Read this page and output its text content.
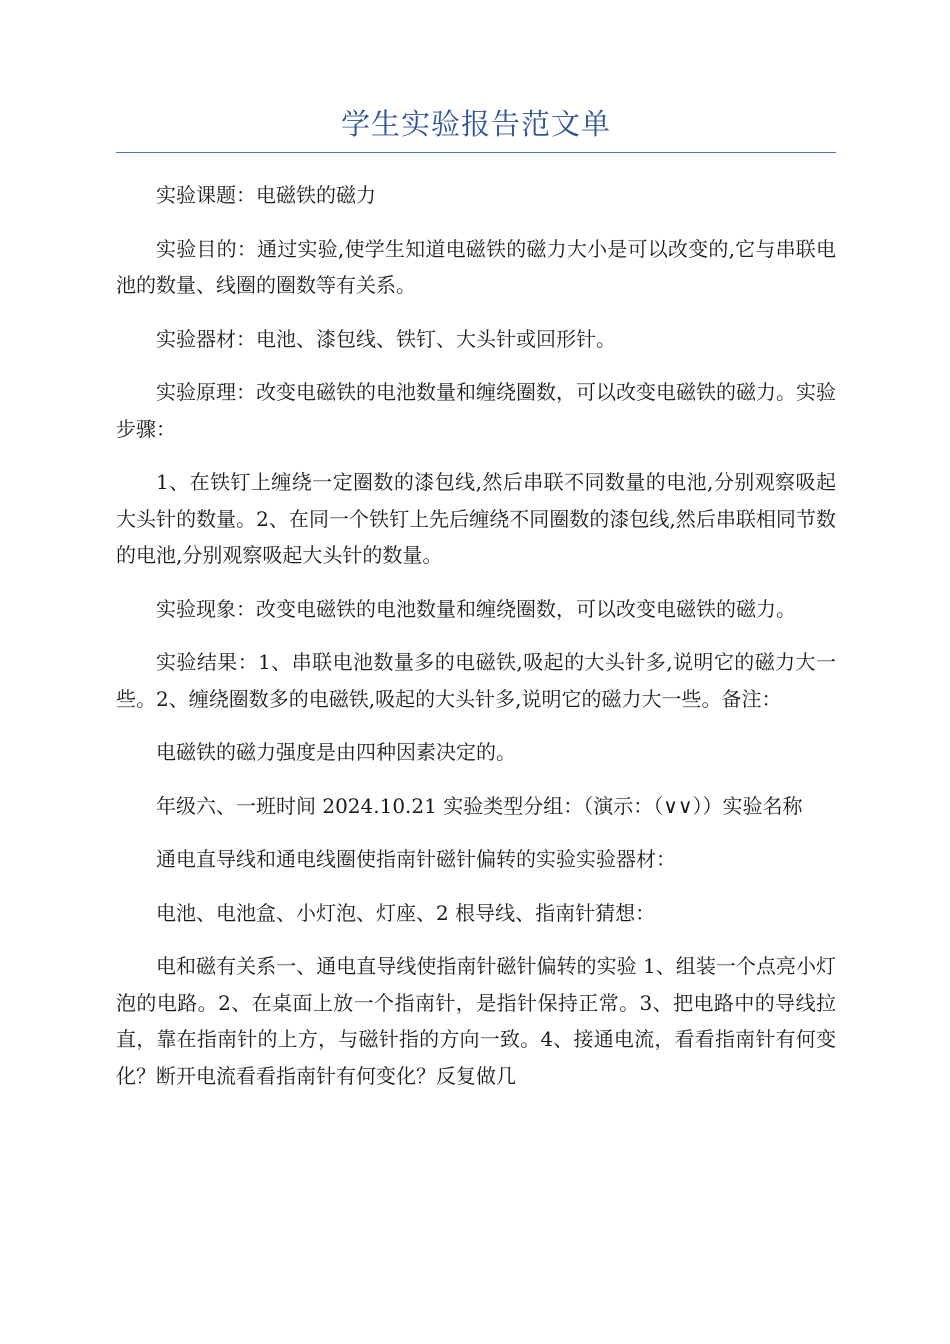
学生实验报告范文单

实验课题：电磁铁的磁力

实验目的：通过实验,使学生知道电磁铁的磁力大小是可以改变的,它与串联电池的数量、线圈的圈数等有关系。

实验器材：电池、漆包线、铁钉、大头针或回形针。

实验原理：改变电磁铁的电池数量和缠绕圈数，可以改变电磁铁的磁力。实验步骤：

1、在铁钉上缠绕一定圈数的漆包线,然后串联不同数量的电池,分别观察吸起大头针的数量。2、在同一个铁钉上先后缠绕不同圈数的漆包线,然后串联相同节数的电池,分别观察吸起大头针的数量。

实验现象：改变电磁铁的电池数量和缠绕圈数，可以改变电磁铁的磁力。

实验结果：1、串联电池数量多的电磁铁,吸起的大头针多,说明它的磁力大一些。2、缠绕圈数多的电磁铁,吸起的大头针多,说明它的磁力大一些。备注：

电磁铁的磁力强度是由四种因素决定的。

年级六、一班时间 2024.10.21 实验类型分组：（演示：（∨∨））实验名称

通电直导线和通电线圈使指南针磁针偏转的实验实验器材：

电池、电池盒、小灯泡、灯座、2 根导线、指南针猜想：

电和磁有关系一、通电直导线使指南针磁针偏转的实验 1、组装一个点亮小灯泡的电路。2、在桌面上放一个指南针，是指针保持正常。3、把电路中的导线拉直，靠在指南针的上方，与磁针指的方向一致。4、接通电流，看看指南针有何变化？断开电流看看指南针有何变化？反复做几
